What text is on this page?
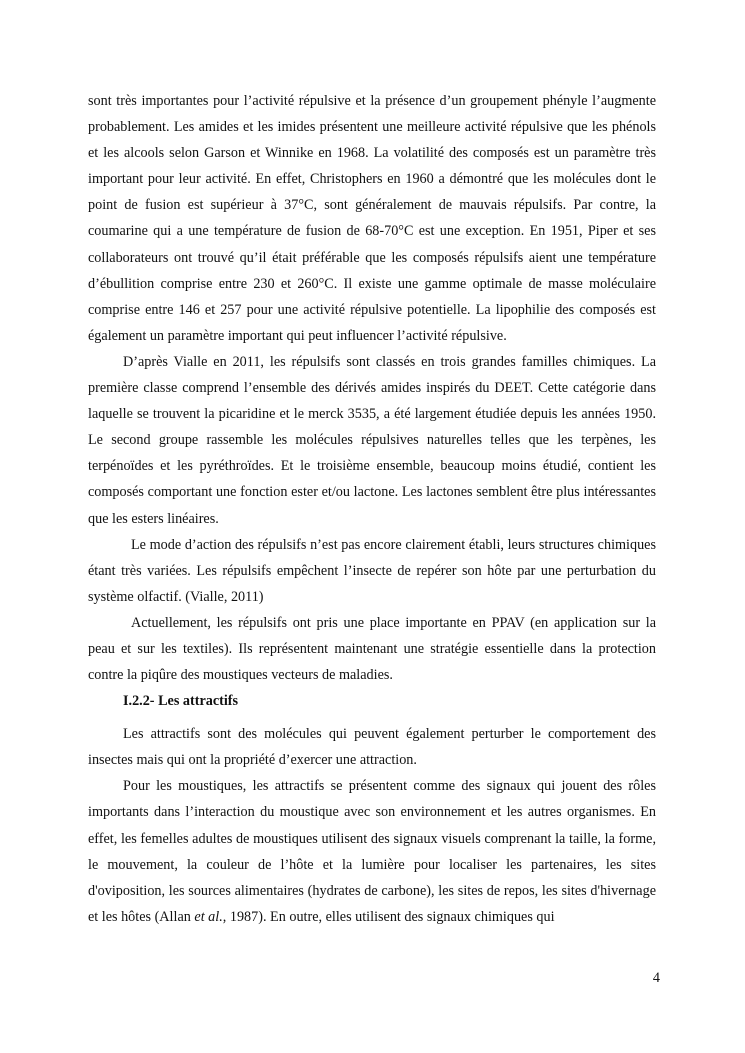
sont très importantes pour l’activité répulsive et la présence d’un groupement phényle l’augmente probablement. Les amides et les imides présentent une meilleure activité répulsive que les phénols et les alcools selon Garson et Winnike en 1968. La volatilité des composés est un paramètre très important pour leur activité. En effet, Christophers en 1960 a démontré que les molécules dont le point de fusion est supérieur à 37°C, sont généralement de mauvais répulsifs. Par contre, la coumarine qui a une température de fusion de 68-70°C est une exception. En 1951, Piper et ses collaborateurs ont trouvé qu’il était préférable que les composés répulsifs aient une température d’ébullition comprise entre 230 et 260°C. Il existe une gamme optimale de masse moléculaire comprise entre 146 et 257 pour une activité répulsive potentielle. La lipophilie des composés est également un paramètre important qui peut influencer l’activité répulsive.

D’après Vialle en 2011, les répulsifs sont classés en trois grandes familles chimiques. La première classe comprend l’ensemble des dérivés amides inspirés du DEET. Cette catégorie dans laquelle se trouvent la picaridine et le merck 3535, a été largement étudiée depuis les années 1950. Le second groupe rassemble les molécules répulsives naturelles telles que les terpènes, les terpénoïdes et les pyréthroïdes. Et le troisième ensemble, beaucoup moins étudié, contient les composés comportant une fonction ester et/ou lactone. Les lactones semblent être plus intéressantes que les esters linéaires.

Le mode d’action des répulsifs n’est pas encore clairement établi, leurs structures chimiques étant très variées. Les répulsifs empêchent l’insecte de repérer son hôte par une perturbation du système olfactif. (Vialle, 2011)

Actuellement, les répulsifs ont pris une place importante en PPAV (en application sur la peau et sur les textiles). Ils représentent maintenant une stratégie essentielle dans la protection contre la piqûre des moustiques vecteurs de maladies.

I.2.2- Les attractifs

Les attractifs sont des molécules qui peuvent également perturber le comportement des insectes mais qui ont la propriété d’exercer une attraction.

Pour les moustiques, les attractifs se présentent comme des signaux qui jouent des rôles importants dans l’interaction du moustique avec son environnement et les autres organismes. En effet, les femelles adultes de moustiques utilisent des signaux visuels comprenant la taille, la forme, le mouvement, la couleur de l’hôte et la lumière pour localiser les partenaires, les sites d'oviposition, les sources alimentaires (hydrates de carbone), les sites de repos, les sites d'hivernage et les hôtes (Allan et al., 1987). En outre, elles utilisent des signaux chimiques qui

4
